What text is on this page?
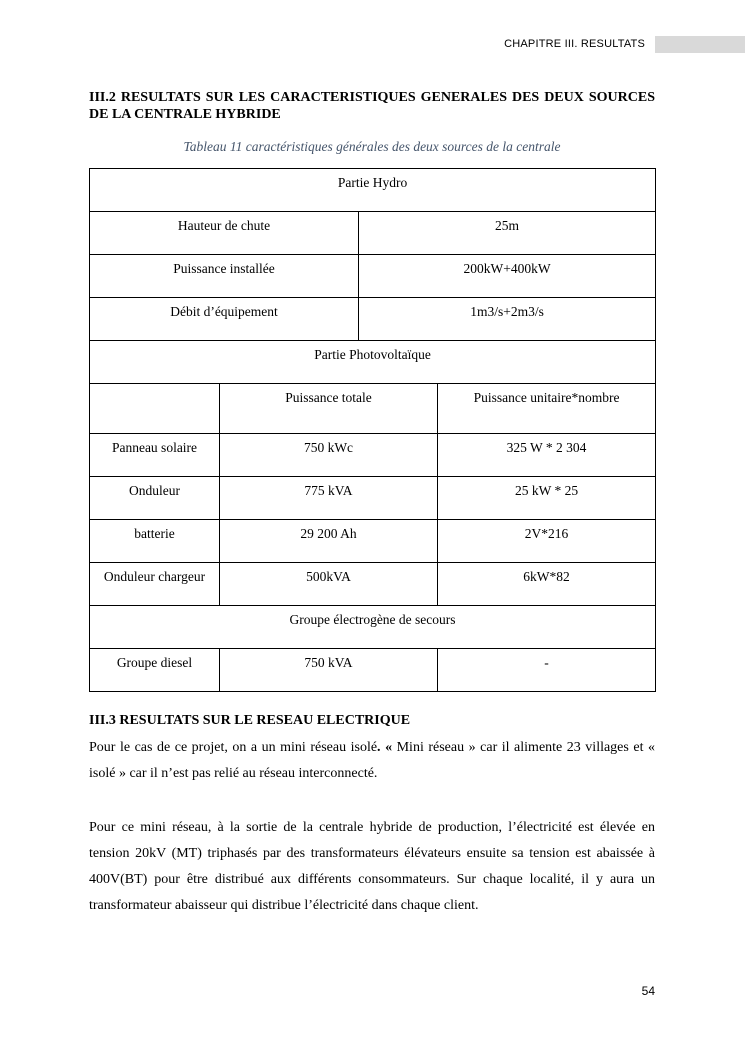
CHAPITRE III. RESULTATS
III.2 RESULTATS SUR LES CARACTERISTIQUES GENERALES DES DEUX SOURCES DE LA CENTRALE HYBRIDE
Tableau 11 caractéristiques générales des deux sources de la centrale
Partie Hydro			
Hauteur de chute		25m	
Puissance installée		200kW+400kW	
Débit d’équipement		1m3/s+2m3/s	
Partie Photovoltaïque			
	Puissance totale		Puissance unitaire*nombre
Panneau solaire	750 kWc		325 W * 2 304
Onduleur	775 kVA		25 kW * 25
batterie	29 200 Ah		2V*216
Onduleur chargeur	500kVA		6kW*82
Groupe électrogène de secours			
Groupe diesel	750 kVA		-
III.3 RESULTATS SUR LE RESEAU ELECTRIQUE

Pour le cas de ce projet, on a un mini réseau isolé. « Mini réseau » car il alimente 23 villages et « isolé » car il n’est pas relié au réseau interconnecté.

Pour ce mini réseau, à la sortie de la centrale hybride de production, l’électricité est élevée en tension 20kV (MT) triphasés par des transformateurs élévateurs ensuite sa tension est abaissée à 400V(BT) pour être distribué aux différents consommateurs. Sur chaque localité, il y aura un transformateur abaisseur qui distribue l’électricité dans chaque client.

54
